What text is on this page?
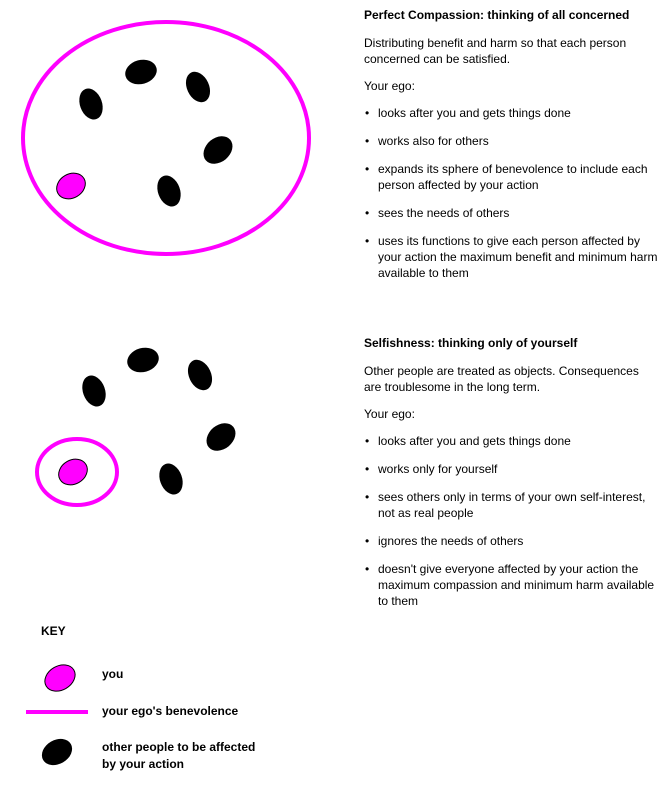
Perfect Compassion: thinking of all concerned

Distributing benefit and harm so that each person concerned can be satisfied.

Your ego:

• looks after you and gets things done
• works also for others
• expands its sphere of benevolence to include each person affected by your action
• sees the needs of others
• uses its functions to give each person affected by your action the maximum benefit and minimum harm available to them
Selfishness: thinking only of yourself

Other people are treated as objects. Consequences are troublesome in the long term.

Your ego:

• looks after you and gets things done
• works only for yourself
• sees others only in terms of your own self-interest, not as real people
• ignores the needs of others
• doesn't give everyone affected by your action the maximum compassion and minimum harm available to them
KEY
you
your ego's benevolence
other people to be affected by your action
